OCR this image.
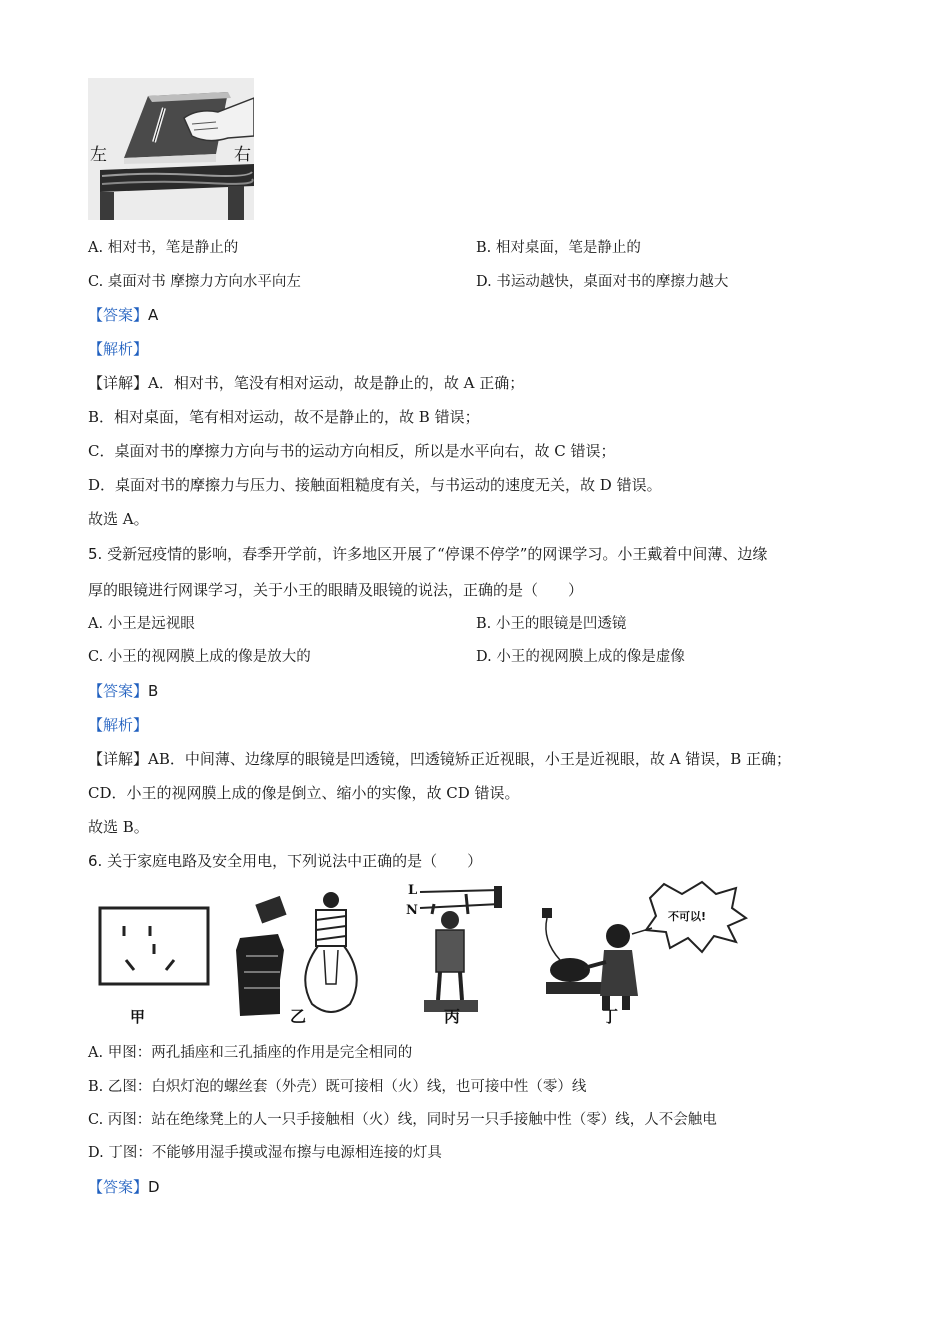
左	右
A. 相对书，笔是静止的	B. 相对桌面，笔是静止的
C. 桌面对书 摩擦力方向水平向左	D. 书运动越快，桌面对书的摩擦力越大
【答案】A
【解析】
【详解】A．相对书，笔没有相对运动，故是静止的，故 A 正确；
B．相对桌面，笔有相对运动，故不是静止的，故 B 错误；
C．桌面对书的摩擦力方向与书的运动方向相反，所以是水平向右，故 C 错误；
D．桌面对书的摩擦力与压力、接触面粗糙度有关，与书运动的速度无关，故 D 错误。
故选 A。
5. 受新冠疫情的影响，春季开学前，许多地区开展了“停课不停学”的网课学习。小王戴着中间薄、边缘
厚的眼镜进行网课学习，关于小王的眼睛及眼镜的说法，正确的是（　　）
A. 小王是远视眼	B. 小王的眼镜是凹透镜
C. 小王的视网膜上成的像是放大的	D. 小王的视网膜上成的像是虚像
【答案】B
【解析】
【详解】AB．中间薄、边缘厚的眼镜是凹透镜，凹透镜矫正近视眼，小王是近视眼，故 A 错误，B 正确；
CD．小王的视网膜上成的像是倒立、缩小的实像，故 CD 错误。
故选 B。
6. 关于家庭电路及安全用电，下列说法中正确的是（　　）
甲	乙
L
N
丙
不可以!
丁
A. 甲图：两孔插座和三孔插座的作用是完全相同的
B. 乙图：白炽灯泡的螺丝套（外壳）既可接相（火）线，也可接中性（零）线
C. 丙图：站在绝缘凳上的人一只手接触相（火）线，同时另一只手接触中性（零）线，人不会触电
D. 丁图：不能够用湿手摸或湿布擦与电源相连接的灯具
【答案】D
